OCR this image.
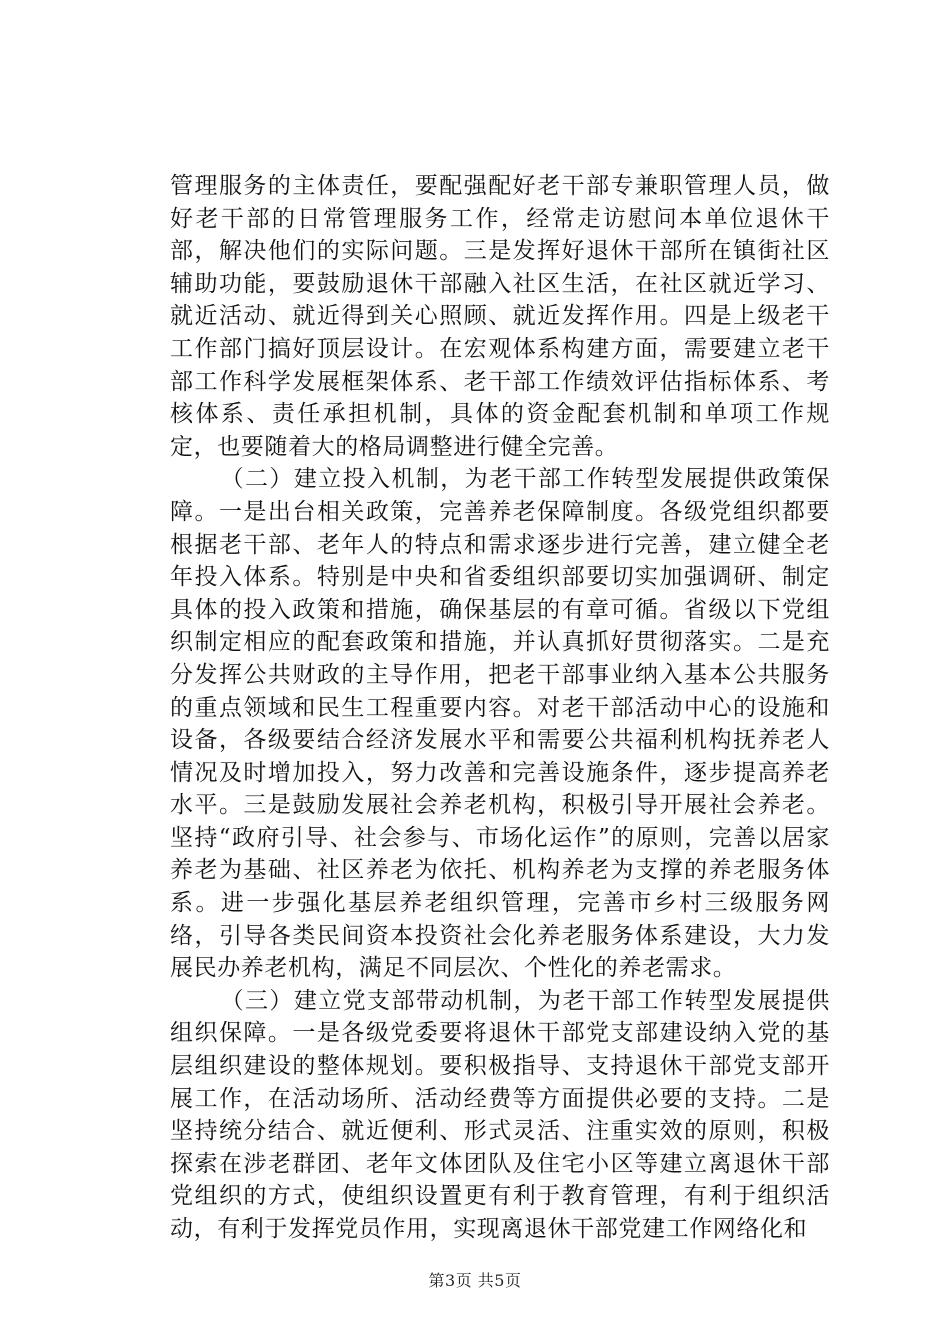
管理服务的主体责任，要配强配好老干部专兼职管理人员，做好老干部的日常管理服务工作，经常走访慰问本单位退休干部，解决他们的实际问题。三是发挥好退休干部所在镇街社区辅助功能，要鼓励退休干部融入社区生活，在社区就近学习、就近活动、就近得到关心照顾、就近发挥作用。四是上级老干工作部门搞好顶层设计。在宏观体系构建方面，需要建立老干部工作科学发展框架体系、老干部工作绩效评估指标体系、考核体系、责任承担机制，具体的资金配套机制和单项工作规定，也要随着大的格局调整进行健全完善。

（二）建立投入机制，为老干部工作转型发展提供政策保障。一是出台相关政策，完善养老保障制度。各级党组织都要根据老干部、老年人的特点和需求逐步进行完善，建立健全老年投入体系。特别是中央和省委组织部要切实加强调研、制定具体的投入政策和措施，确保基层的有章可循。省级以下党组织制定相应的配套政策和措施，并认真抓好贯彻落实。二是充分发挥公共财政的主导作用，把老干部事业纳入基本公共服务的重点领域和民生工程重要内容。对老干部活动中心的设施和设备，各级要结合经济发展水平和需要公共福利机构抚养老人情况及时增加投入，努力改善和完善设施条件，逐步提高养老水平。三是鼓励发展社会养老机构，积极引导开展社会养老。坚持“政府引导、社会参与、市场化运作”的原则，完善以居家养老为基础、社区养老为依托、机构养老为支撑的养老服务体系。进一步强化基层养老组织管理，完善市乡村三级服务网络，引导各类民间资本投资社会化养老服务体系建设，大力发展民办养老机构，满足不同层次、个性化的养老需求。

（三）建立党支部带动机制，为老干部工作转型发展提供组织保障。一是各级党委要将退休干部党支部建设纳入党的基层组织建设的整体规划。要积极指导、支持退休干部党支部开展工作，在活动场所、活动经费等方面提供必要的支持。二是坚持统分结合、就近便利、形式灵活、注重实效的原则，积极探索在涉老群团、老年文体团队及住宅小区等建立离退休干部党组织的方式，使组织设置更有利于教育管理，有利于组织活动，有利于发挥党员作用，实现离退休干部党建工作网络化和

第3页 共5页
